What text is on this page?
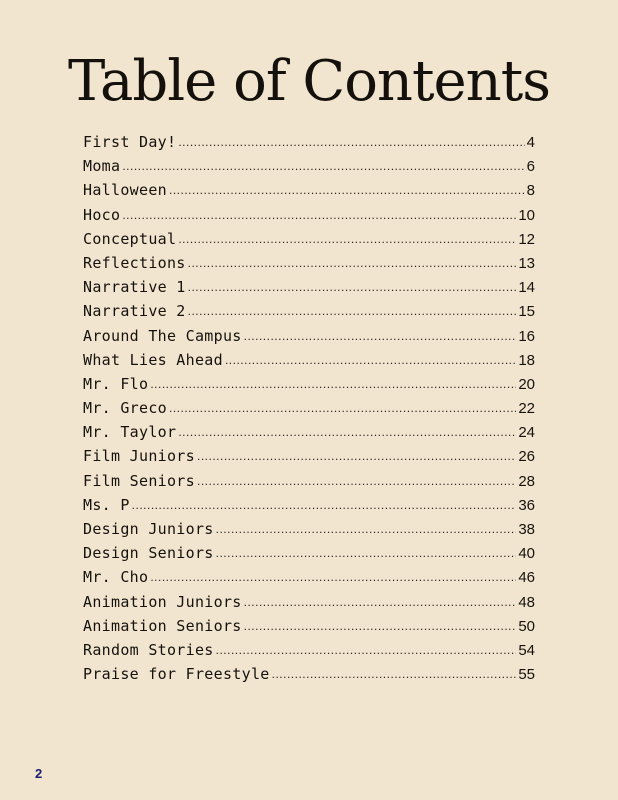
Table of Contents
First Day! .....	4
Moma .....	6
Halloween .....	8
Hoco .....	10
Conceptual .....	12
Reflections .....	13
Narrative 1 .....	14
Narrative 2 .....	15
Around The Campus .....	16
What Lies Ahead .....	18
Mr. Flo .....	20
Mr. Greco .....	22
Mr. Taylor .....	24
Film Juniors .....	26
Film Seniors .....	28
Ms. P .....	36
Design Juniors .....	38
Design Seniors .....	40
Mr. Cho .....	46
Animation Juniors .....	48
Animation Seniors .....	50
Random Stories .....	54
Praise for Freestyle .....	55
2
